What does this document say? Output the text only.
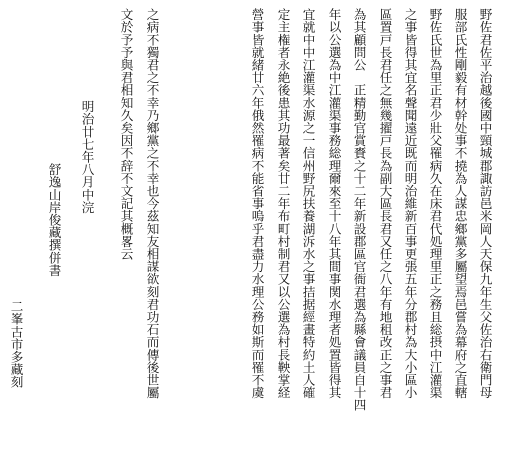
野佐君佐平治越後國中頸城郡諏訪邑米岡人天保九年生父佐治右衛門母
服部氏性剛毅有材幹处事不撓為人謀忠鄉黨多屬望焉邑嘗為幕府之直轄
野佐氏世為里正君少壯父罹病久在床君代処理里正之務且総摂中江灌渠
之事皆得其宜名聲聞遠近既而明治維新百事更張五年分郡村為大小區小
區置戸長君任之無幾擢戸長為副大區長君又任之八年有地租改正之事君
為其顧問公　正精勤官賞賚之十二年新設郡區官衙君選為縣會議員自十四
年以公選為中江灌渠事務総理爾來至十八年其間事関水理者処置皆得其
宜就中中江灌渠水源之一信州野尻扶養湖泝水之事拮据經畫特約土人確
定主権者永絶後患其功最著矣廿二年布町村制君又以公選為村長鞅掌経
營事皆就緒廿六年俄然罹病不能省事嗚乎君盡力水理公務如斯而罹不虞
之病不獨君之不幸乃鄉黨之不幸也今茲知友相謀欲刻君功石而傳後世屬
文於予予與君相知久矣因不辞不文記其概畧云
明治廿七年八月中浣
舒逸山岸俊藏撰併書
二峯古市多藏刻
